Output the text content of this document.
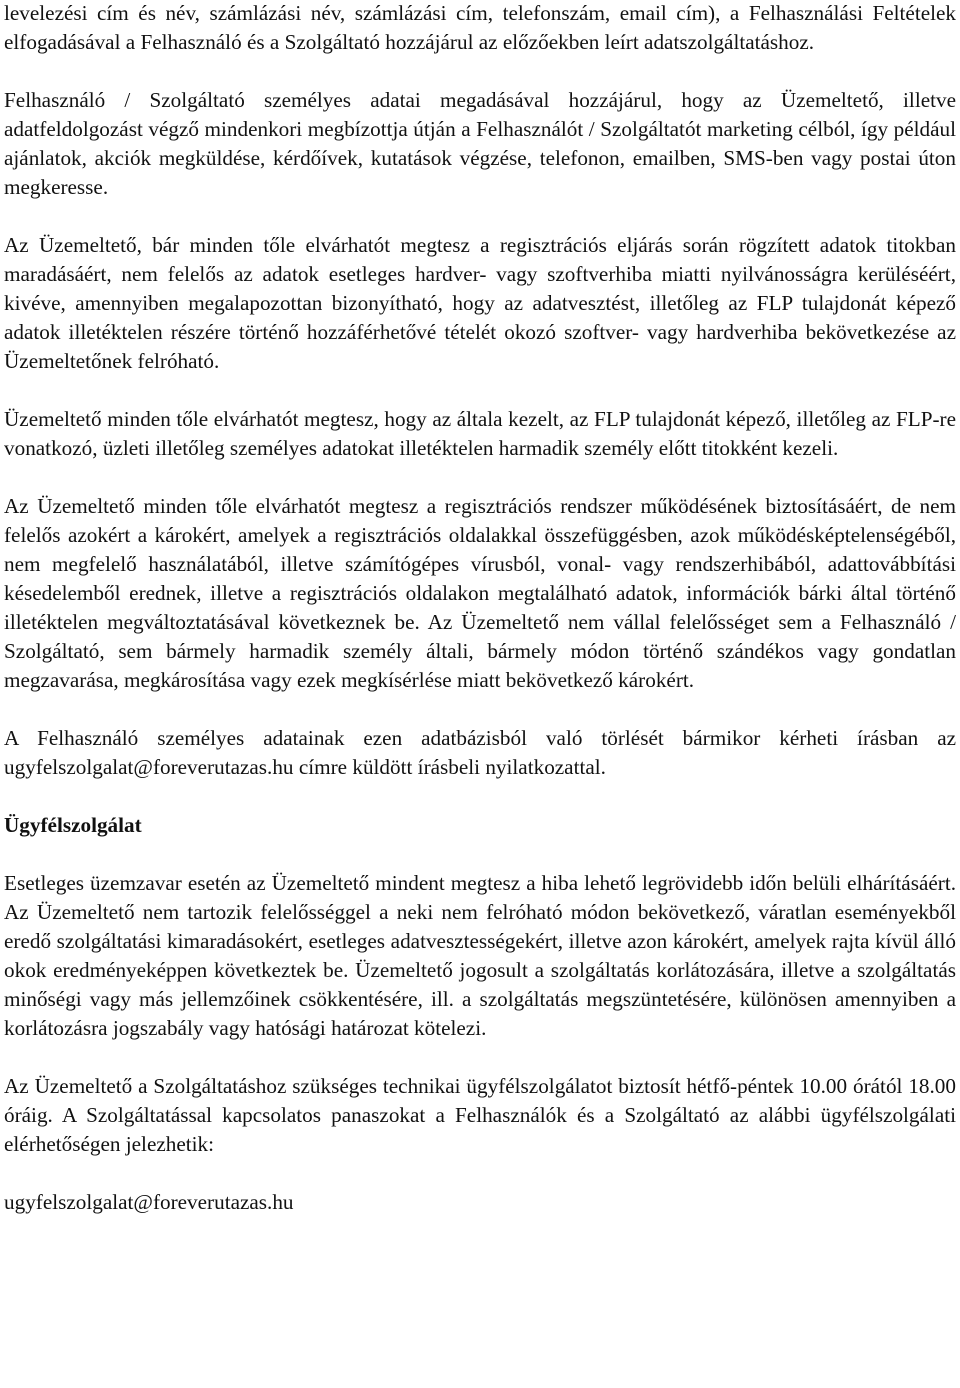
levelezési cím és név, számlázási név, számlázási cím, telefonszám, email cím), a Felhasználási Feltételek elfogadásával a Felhasználó és a Szolgáltató hozzájárul az előzőekben leírt adatszolgáltatáshoz.

Felhasználó / Szolgáltató személyes adatai megadásával hozzájárul, hogy az Üzemeltető, illetve adatfeldolgozást végző mindenkori megbízottja útján a Felhasználót / Szolgáltatót marketing célból, így például ajánlatok, akciók megküldése, kérdőívek, kutatások végzése, telefonon, emailben, SMS-ben vagy postai úton megkeresse.

Az Üzemeltető, bár minden tőle elvárhatót megtesz a regisztrációs eljárás során rögzített adatok titokban maradásáért, nem felelős az adatok esetleges hardver- vagy szoftverhiba miatti nyilvánosságra kerüléséért, kivéve, amennyiben megalapozottan bizonyítható, hogy az adatvesztést, illetőleg az FLP tulajdonát képező adatok illetéktelen részére történő hozzáférhetővé tételét okozó szoftver- vagy hardverhiba bekövetkezése az Üzemeltetőnek felróható.

Üzemeltető minden tőle elvárhatót megtesz, hogy az általa kezelt, az FLP tulajdonát képező, illetőleg az FLP-re vonatkozó, üzleti illetőleg személyes adatokat illetéktelen harmadik személy előtt titokként kezeli.

Az Üzemeltető minden tőle elvárhatót megtesz a regisztrációs rendszer működésének biztosításáért, de nem felelős azokért a károkért, amelyek a regisztrációs oldalakkal összefüggésben, azok működésképtelenségéből, nem megfelelő használatából, illetve számítógépes vírusból, vonal- vagy rendszerhibából, adattovábbítási késedelemből erednek, illetve a regisztrációs oldalakon megtalálható adatok, információk bárki által történő illetéktelen megváltoztatásával következnek be. Az Üzemeltető nem vállal felelősséget sem a Felhasználó / Szolgáltató, sem bármely harmadik személy általi, bármely módon történő szándékos vagy gondatlan megzavarása, megkárosítása vagy ezek megkísérlése miatt bekövetkező károkért.

A Felhasználó személyes adatainak ezen adatbázisból való törlését bármikor kérheti írásban az ugyfelszolgalat@foreverutazas.hu címre küldött írásbeli nyilatkozattal.

Ügyfélszolgálat

Esetleges üzemzavar esetén az Üzemeltető mindent megtesz a hiba lehető legrövidebb időn belüli elhárításáért. Az Üzemeltető nem tartozik felelősséggel a neki nem felróható módon bekövetkező, váratlan eseményekből eredő szolgáltatási kimaradásokért, esetleges adatvesztességekért, illetve azon károkért, amelyek rajta kívül álló okok eredményeképpen következtek be. Üzemeltető jogosult a szolgáltatás korlátozására, illetve a szolgáltatás minőségi vagy más jellemzőinek csökkentésére, ill. a szolgáltatás megszüntetésére, különösen amennyiben a korlátozásra jogszabály vagy hatósági határozat kötelezi.

Az Üzemeltető a Szolgáltatáshoz szükséges technikai ügyfélszolgálatot biztosít hétfő-péntek 10.00 órától 18.00 óráig. A Szolgáltatással kapcsolatos panaszokat a Felhasználók és a Szolgáltató az alábbi ügyfélszolgálati elérhetőségen jelezhetik:

ugyfelszolgalat@foreverutazas.hu
